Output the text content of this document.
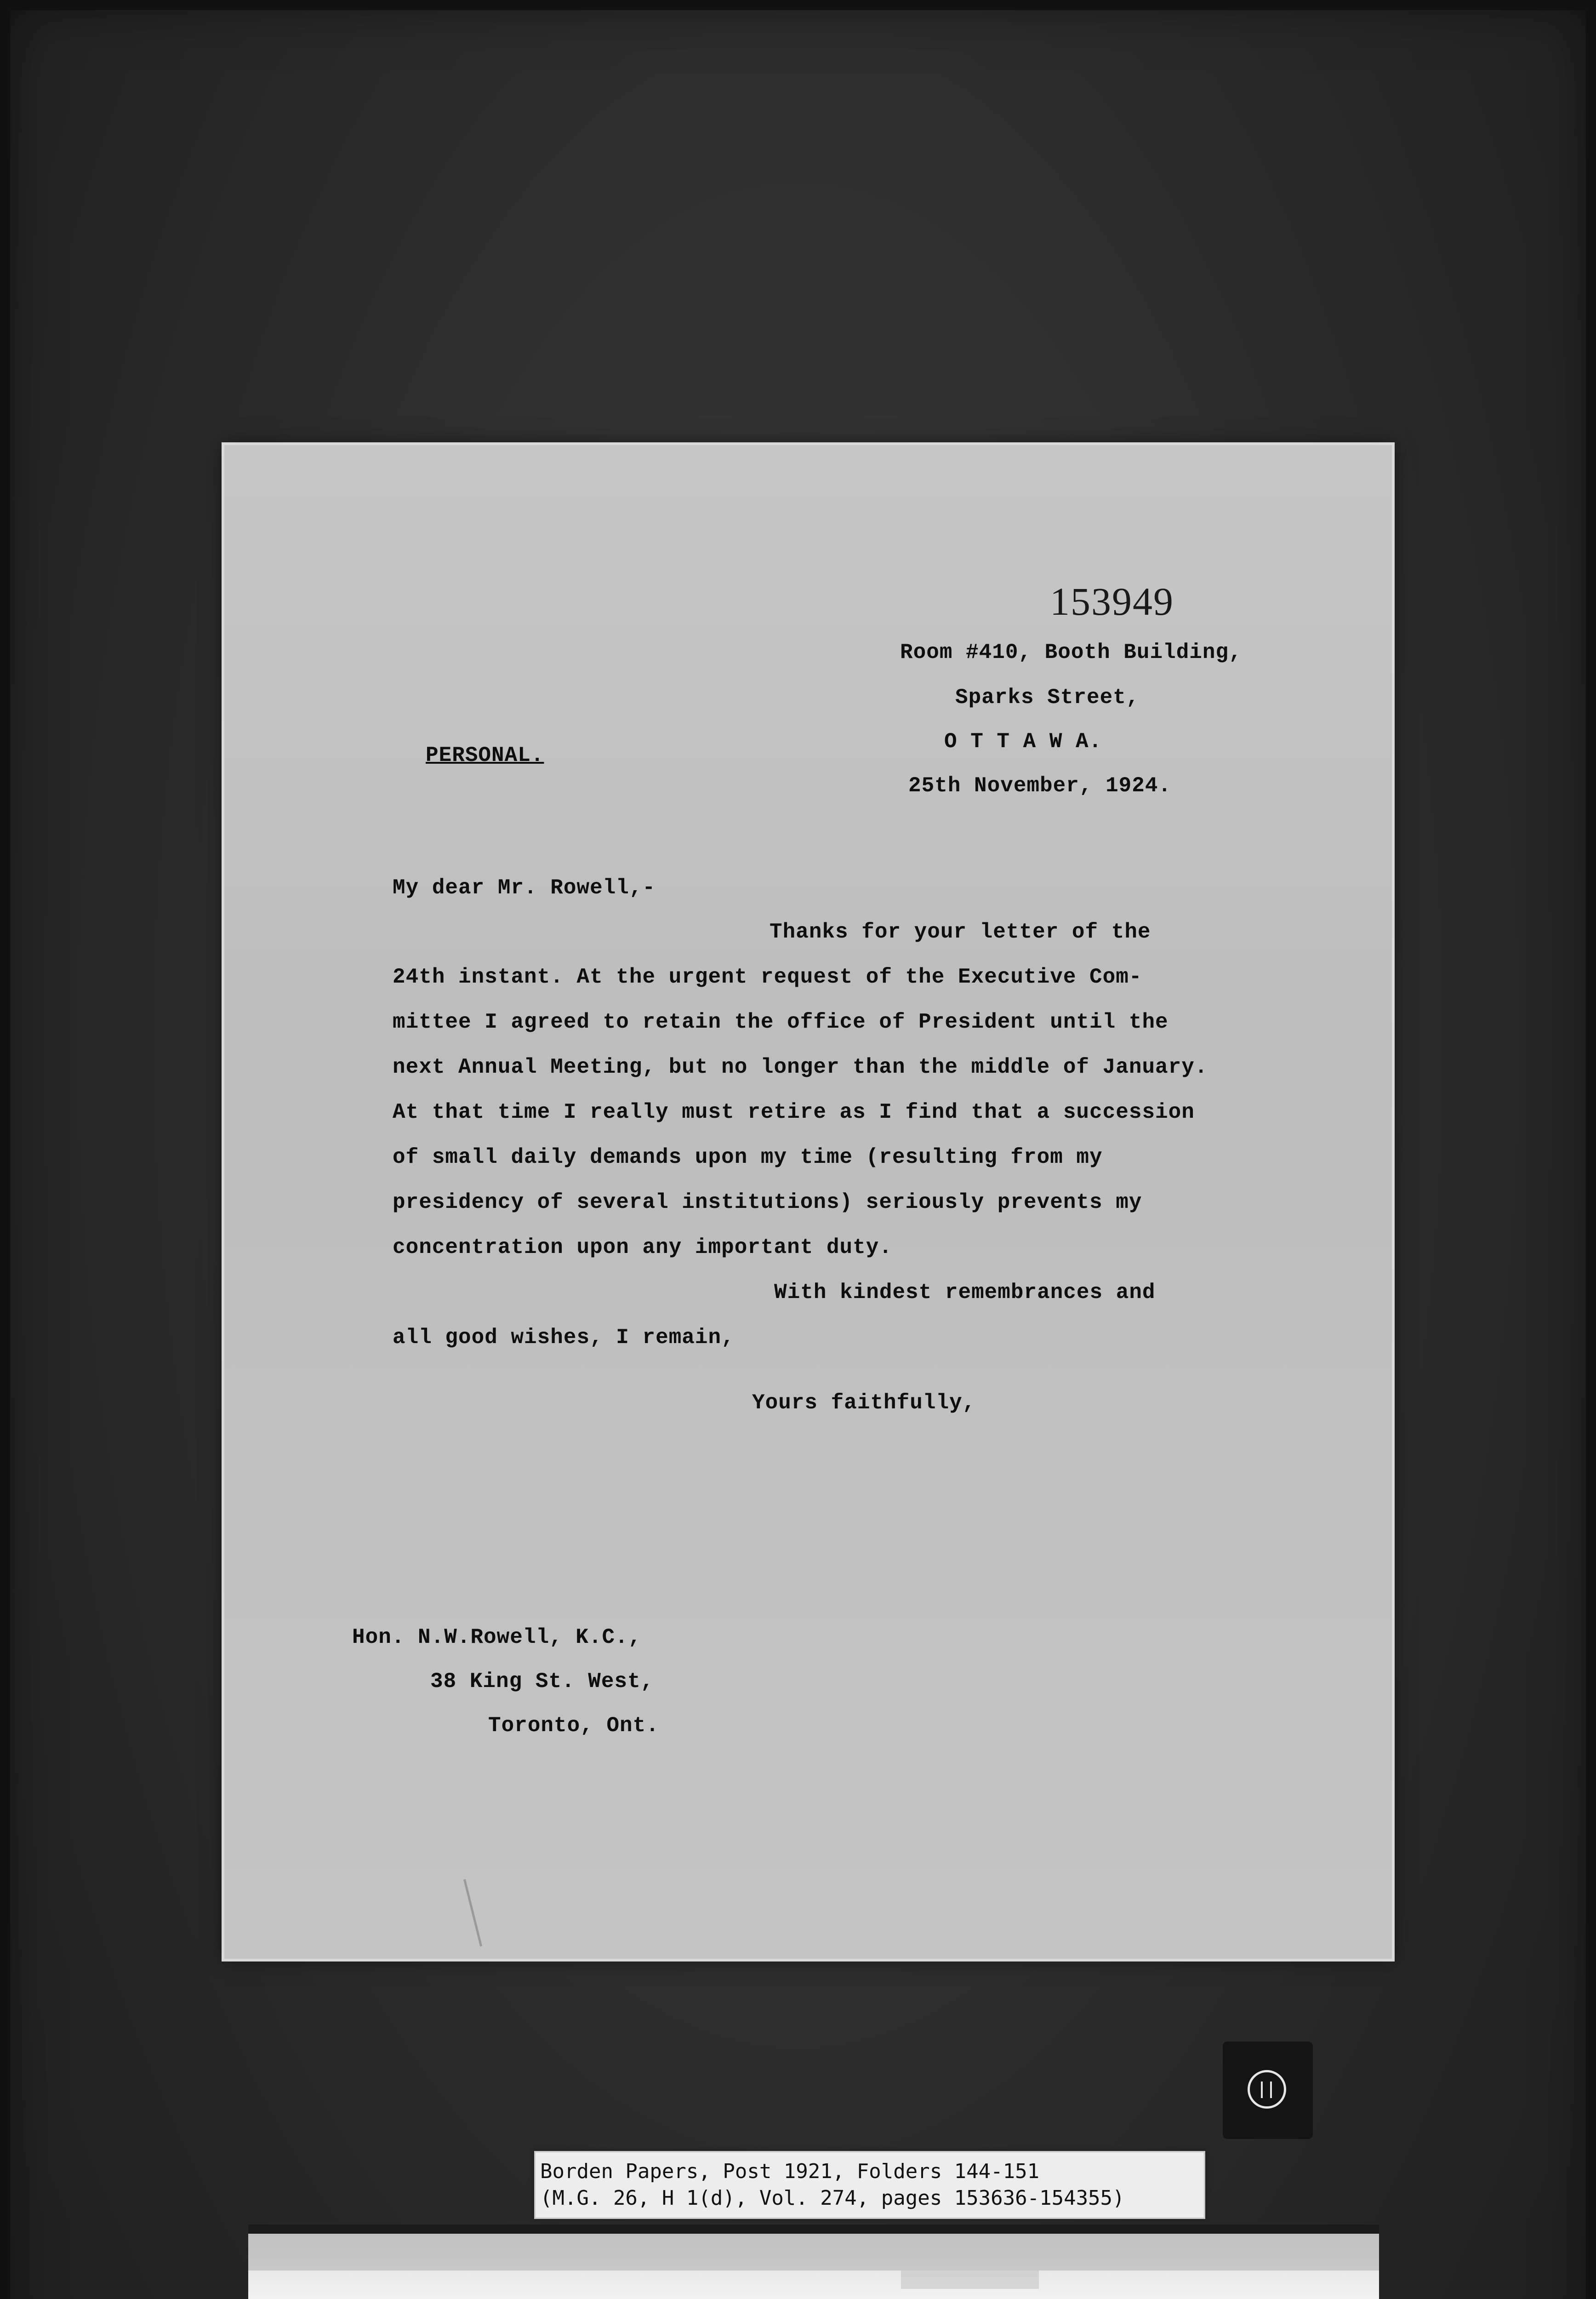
153949

Room #410, Booth Building,

Sparks Street,

O T T A W A.

25th November, 1924.

PERSONAL.

My dear Mr. Rowell,-

Thanks for your letter of the

24th instant. At the urgent request of the Executive Com-

mittee I agreed to retain the office of President until the

next Annual Meeting, but no longer than the middle of January.

At that time I really must retire as I find that a succession

of small daily demands upon my time (resulting from my

presidency of several institutions) seriously prevents my

concentration upon any important duty.

With kindest remembrances and

all good wishes, I remain,

Yours faithfully,

Hon. N.W.Rowell, K.C.,

38 King St. West,

Toronto, Ont.

Borden Papers, Post 1921, Folders 144-151

(M.G. 26, H 1(d), Vol. 274, pages 153636-154355)
